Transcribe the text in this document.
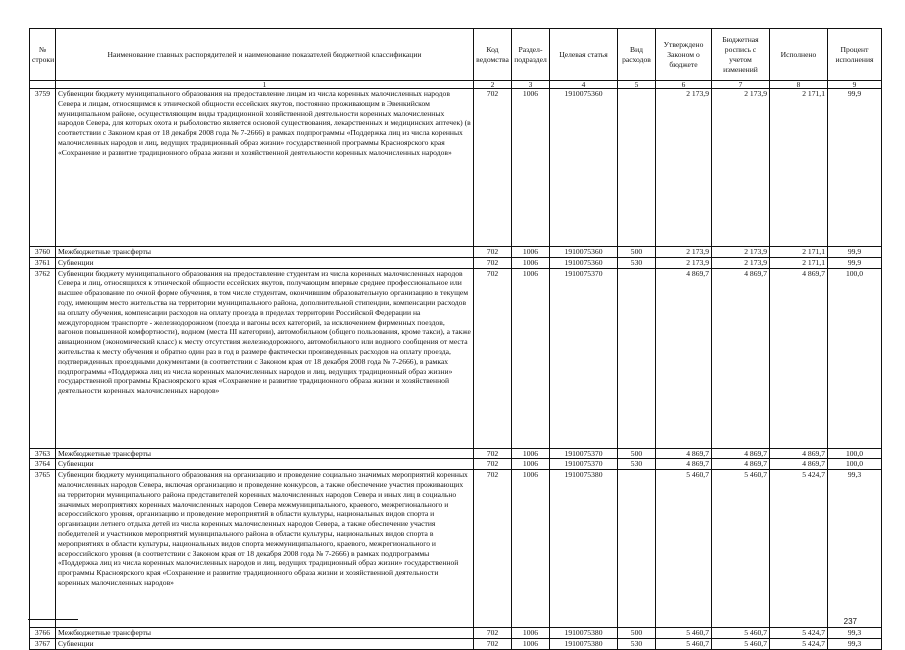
№ строки	Наименование главных распорядителей и наименование показателей бюджетной классификации	Код ведомства	Раздел-подраздел	Целевая статья	Вид расходов	Утверждено Законом о бюджете	Бюджетная роспись с учетом изменений	Исполнено	Процент исполнения
	1	2	3	4	5	6	7	8	9
3759	Субвенции бюджету муниципального образования на предоставление лицам из числа коренных малочисленных народов Севера и лицам, относящимся к этнической общности ессейских якутов, постоянно проживающим в Эвенкийском муниципальном районе, осуществляющим виды традиционной хозяйственной деятельности коренных малочисленных народов Севера, для которых охота и рыболовство является основой существования, лекарственных и медицинских аптечек) (в соответствии с Законом края от 18 декабря 2008 года № 7-2666) в рамках подпрограммы «Поддержка лиц из числа коренных малочисленных народов и лиц, ведущих традиционный образ жизни» государственной программы Красноярского края «Сохранение и развитие традиционного образа жизни и хозяйственной деятельности коренных малочисленных народов»	702	1006	1910075360		2 173,9	2 173,9	2 171,1	99,9
3760	Межбюджетные трансферты	702	1006	1910075360	500	2 173,9	2 173,9	2 171,1	99,9
3761	Субвенции	702	1006	1910075360	530	2 173,9	2 173,9	2 171,1	99,9
3762	Субвенции бюджету муниципального образования на предоставление студентам из числа коренных малочисленных народов Севера и лиц, относящихся к этнической общности ессейских якутов, получающим впервые среднее профессиональное или высшее образование по очной форме обучения, в том числе студентам, окончившим образовательную организацию в текущем году, имеющим место жительства на территории муниципального района, дополнительной стипендии, компенсации расходов на оплату обучения, компенсации расходов на оплату проезда в пределах территории Российской Федерации на междугородном транспорте - железнодорожном (поезда и вагоны всех категорий, за исключением фирменных поездов, вагонов повышенной комфортности), водном (места III категории), автомобильном (общего пользования, кроме такси), а также авиационном (экономический класс) к месту отсутствия железнодорожного, автомобильного или водного сообщения от места жительства к месту обучения и обратно один раз в год в размере фактически произведенных расходов на оплату проезда, подтвержденных проездными документами (в соответствии с Законом края от 18 декабря 2008 года № 7-2666), в рамках подпрограммы «Поддержка лиц из числа коренных малочисленных народов и лиц, ведущих традиционный образ жизни» государственной программы Красноярского края «Сохранение и развитие традиционного образа жизни и хозяйственной деятельности коренных малочисленных народов»	702	1006	1910075370		4 869,7	4 869,7	4 869,7	100,0
3763	Межбюджетные трансферты	702	1006	1910075370	500	4 869,7	4 869,7	4 869,7	100,0
3764	Субвенции	702	1006	1910075370	530	4 869,7	4 869,7	4 869,7	100,0
3765	Субвенции бюджету муниципального образования на организацию и проведение социально значимых мероприятий коренных малочисленных народов Севера, включая организацию и проведение конкурсов, а также обеспечение участия проживающих на территории муниципального района представителей коренных малочисленных народов Севера и иных лиц в социально значимых мероприятиях коренных малочисленных народов Севера межмуниципального, краевого, межрегионального и всероссийского уровня, организацию и проведение мероприятий в области культуры, национальных видов спорта и организации летнего отдыха детей из числа коренных малочисленных народов Севера, а также обеспечение участия победителей и участников мероприятий муниципального района в области культуры, национальных видов спорта в мероприятиях в области культуры, национальных видов спорта межмуниципального, краевого, межрегионального и всероссийского уровня (в соответствии с Законом края от 18 декабря 2008 года № 7-2666) в рамках подпрограммы «Поддержка лиц из числа коренных малочисленных народов и лиц, ведущих традиционный образ жизни» государственной программы Красноярского края «Сохранение и развитие традиционного образа жизни и хозяйственной деятельности коренных малочисленных народов»	702	1006	1910075380		5 460,7	5 460,7	5 424,7	99,3
3766	Межбюджетные трансферты	702	1006	1910075380	500	5 460,7	5 460,7	5 424,7	99,3
3767	Субвенции	702	1006	1910075380	530	5 460,7	5 460,7	5 424,7	99,3
237
